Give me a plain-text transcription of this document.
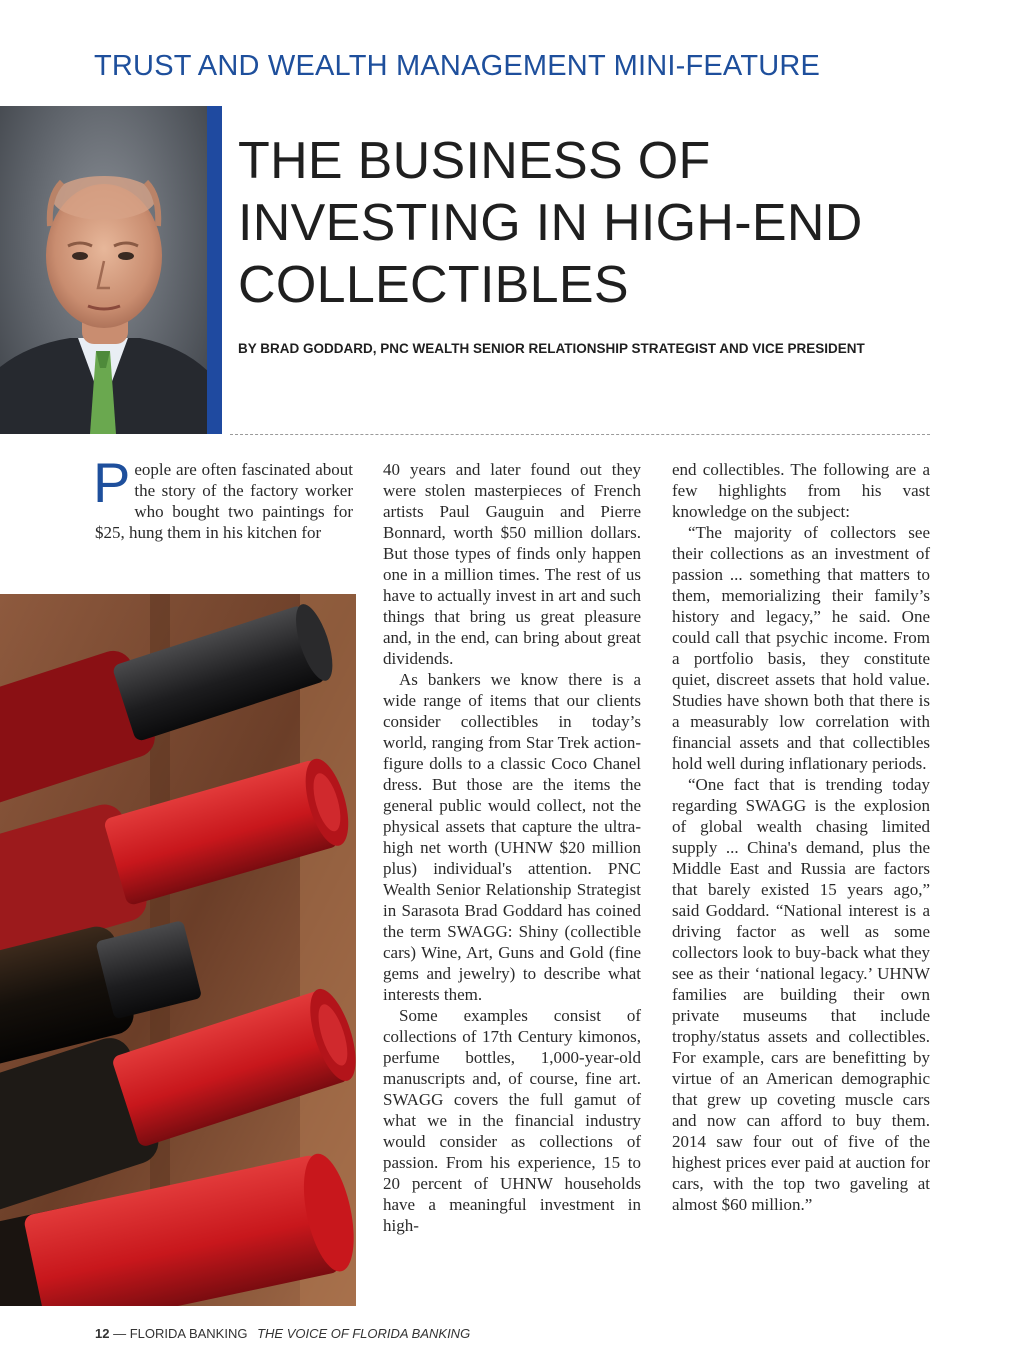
TRUST AND WEALTH MANAGEMENT MINI-FEATURE
THE BUSINESS OF
INVESTING IN HIGH-END
COLLECTIBLES
BY BRAD GODDARD, PNC WEALTH SENIOR RELATIONSHIP STRATEGIST AND VICE PRESIDENT
P eople are often fascinated about the story of the factory worker who bought two paintings for $25, hung them in his kitchen for

40 years and later found out they were stolen masterpieces of French artists Paul Gauguin and Pierre Bonnard, worth $50 million dollars. But those types of finds only happen one in a million times. The rest of us have to actually invest in art and such things that bring us great pleasure and, in the end, can bring about great dividends.

As bankers we know there is a wide range of items that our clients consider collectibles in today’s world, ranging from Star Trek action-figure dolls to a classic Coco Chanel dress. But those are the items the general public would collect, not the physical assets that capture the ultra-high net worth (UHNW $20 million plus) individual's attention. PNC Wealth Senior Relationship Strategist in Sarasota Brad Goddard has coined the term SWAGG: Shiny (collectible cars) Wine, Art, Guns and Gold (fine gems and jewelry) to describe what interests them.

Some examples consist of collections of 17th Century kimonos, perfume bottles, 1,000-year-old manuscripts and, of course, fine art. SWAGG covers the full gamut of what we in the financial industry would consider as collections of passion. From his experience, 15 to 20 percent of UHNW households have a meaningful investment in high-

end collectibles. The following are a few highlights from his vast knowledge on the subject:

“The majority of collectors see their collections as an investment of passion ... something that matters to them, memorializing their family’s history and legacy,” he said. One could call that psychic income. From a portfolio basis, they constitute quiet, discreet assets that hold value. Studies have shown both that there is a measurably low correlation with financial assets and that collectibles hold well during inflationary periods.

“One fact that is trending today regarding SWAGG is the explosion of global wealth chasing limited supply ... China's demand, plus the Middle East and Russia are factors that barely existed 15 years ago,” said Goddard. “National interest is a driving factor as well as some collectors look to buy-back what they see as their ‘national legacy.’ UHNW families are building their own private museums that include trophy/status assets and collectibles. For example, cars are benefitting by virtue of an American demographic that grew up coveting muscle cars and now can afford to buy them. 2014 saw four out of five of the highest prices ever paid at auction for cars, with the top two gaveling at almost $60 million.”

12 — FLORIDA BANKING THE VOICE OF FLORIDA BANKING
